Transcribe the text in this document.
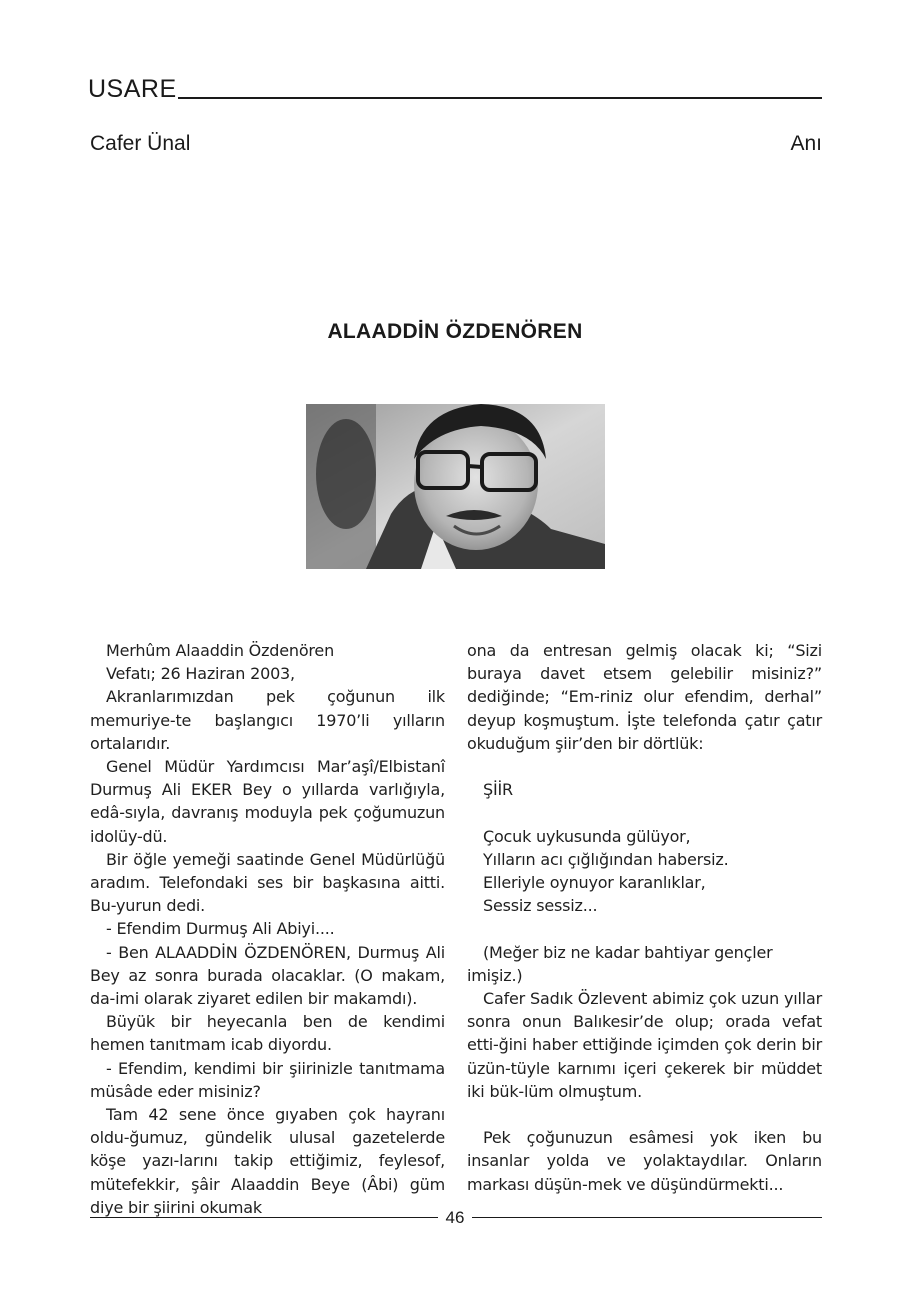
USARE
Cafer Ünal	Anı
ALAADDİN ÖZDENÖREN

Merhûm Alaaddin Özdenören

Vefatı; 26 Haziran 2003,

Akranlarımızdan pek çoğunun ilk memuriye-te başlangıcı 1970’li yılların ortalarıdır.

Genel Müdür Yardımcısı Mar’aşî/Elbistanî Durmuş Ali EKER Bey o yıllarda varlığıyla, edâ-sıyla, davranış moduyla pek çoğumuzun idolüy-dü.

Bir öğle yemeği saatinde Genel Müdürlüğü aradım. Telefondaki ses bir başkasına aitti. Bu-yurun dedi.

- Efendim Durmuş Ali Abiyi....

- Ben ALAADDİN ÖZDENÖREN, Durmuş Ali Bey az sonra burada olacaklar. (O makam, da-imi olarak ziyaret edilen bir makamdı).

Büyük bir heyecanla ben de kendimi hemen tanıtmam icab diyordu.

- Efendim, kendimi bir şiirinizle tanıtmama müsâde eder misiniz?

Tam 42 sene önce gıyaben çok hayranı oldu-ğumuz, gündelik ulusal gazetelerde köşe yazı-larını takip ettiğimiz, feylesof, mütefekkir, şâir Alaaddin Beye (Âbi) güm diye bir şiirini okumak

ona da entresan gelmiş olacak ki; “Sizi buraya davet etsem gelebilir misiniz?” dediğinde; “Em-riniz olur efendim, derhal” deyup koşmuştum. İşte telefonda çatır çatır okuduğum şiir’den bir dörtlük:

ŞİİR

Çocuk uykusunda gülüyor,

Yılların acı çığlığından habersiz.

Elleriyle oynuyor karanlıklar,

Sessiz sessiz...

(Meğer biz ne kadar bahtiyar gençler imişiz.)

Cafer Sadık Özlevent abimiz çok uzun yıllar sonra onun Balıkesir’de olup; orada vefat etti-ğini haber ettiğinde içimden çok derin bir üzün-tüyle karnımı içeri çekerek bir müddet iki bük-lüm olmuştum.

Pek çoğunuzun esâmesi yok iken bu insanlar yolda ve yolaktaydılar. Onların markası düşün-mek ve düşündürmekti...

46
